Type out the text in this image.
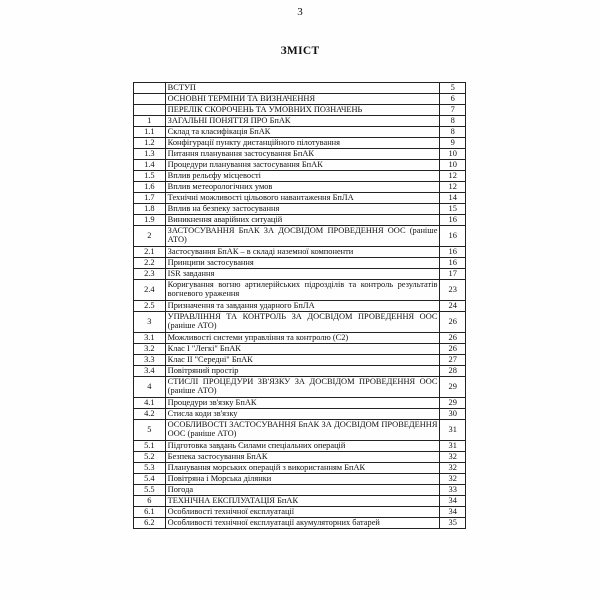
3
ЗМІСТ
	ВСТУП	5
	ОСНОВНІ ТЕРМІНИ ТА ВИЗНАЧЕННЯ	6
	ПЕРЕЛІК СКОРОЧЕНЬ ТА УМОВНИХ ПОЗНАЧЕНЬ	7
1	ЗАГАЛЬНІ ПОНЯТТЯ ПРО БпАК	8
1.1	Склад та класифікація БпАК	8
1.2	Конфігурації пункту дистанційного пілотування	9
1.3	Питання планування застосування БпАК	10
1.4	Процедури планування застосування БпАК	10
1.5	Вплив рельєфу місцевості	12
1.6	Вплив метеорологічних умов	12
1.7	Технічні можливості цільового навантаження БпЛА	14
1.8	Вплив на безпеку застосування	15
1.9	Виникнення аварійних ситуацій	16
2	ЗАСТОСУВАННЯ БпАК ЗА ДОСВІДОМ ПРОВЕДЕННЯ ООС (раніше АТО)	16
2.1	Застосування БпАК – в складі наземної компоненти	16
2.2	Принципи застосування	16
2.3	ISR завдання	17
2.4	Коригування вогню артилерійських підрозділів та контроль результатів вогневого ураження	23
2.5	Призначення та завдання ударного БпЛА	24
3	УПРАВЛІННЯ ТА КОНТРОЛЬ ЗА ДОСВІДОМ ПРОВЕДЕННЯ ООС (раніше АТО)	26
3.1	Можливості системи управління та контролю (С2)	26
3.2	Клас І "Легкі" БпАК	26
3.3	Клас ІІ "Середні" БпАК	27
3.4	Повітряний простір	28
4	СТИСЛІ ПРОЦЕДУРИ ЗВ'ЯЗКУ ЗА ДОСВІДОМ ПРОВЕДЕННЯ ООС (раніше АТО)	29
4.1	Процедури зв'язку БпАК	29
4.2	Стисла коди зв'язку	30
5	ОСОБЛИВОСТІ ЗАСТОСУВАННЯ БпАК ЗА ДОСВІДОМ ПРОВЕДЕННЯ ООС (раніше АТО)	31
5.1	Підготовка завдань Силами спеціальних операцій	31
5.2	Безпека застосування БпАК	32
5.3	Планування морських операцій з використанням БпАК	32
5.4	Повітряна і Морська ділянки	32
5.5	Погода	33
6	ТЕХНІЧНА ЕКСПЛУАТАЦІЯ БпАК	34
6.1	Особливості технічної експлуатації	34
6.2	Особливості технічної експлуатації акумуляторних батарей	35
